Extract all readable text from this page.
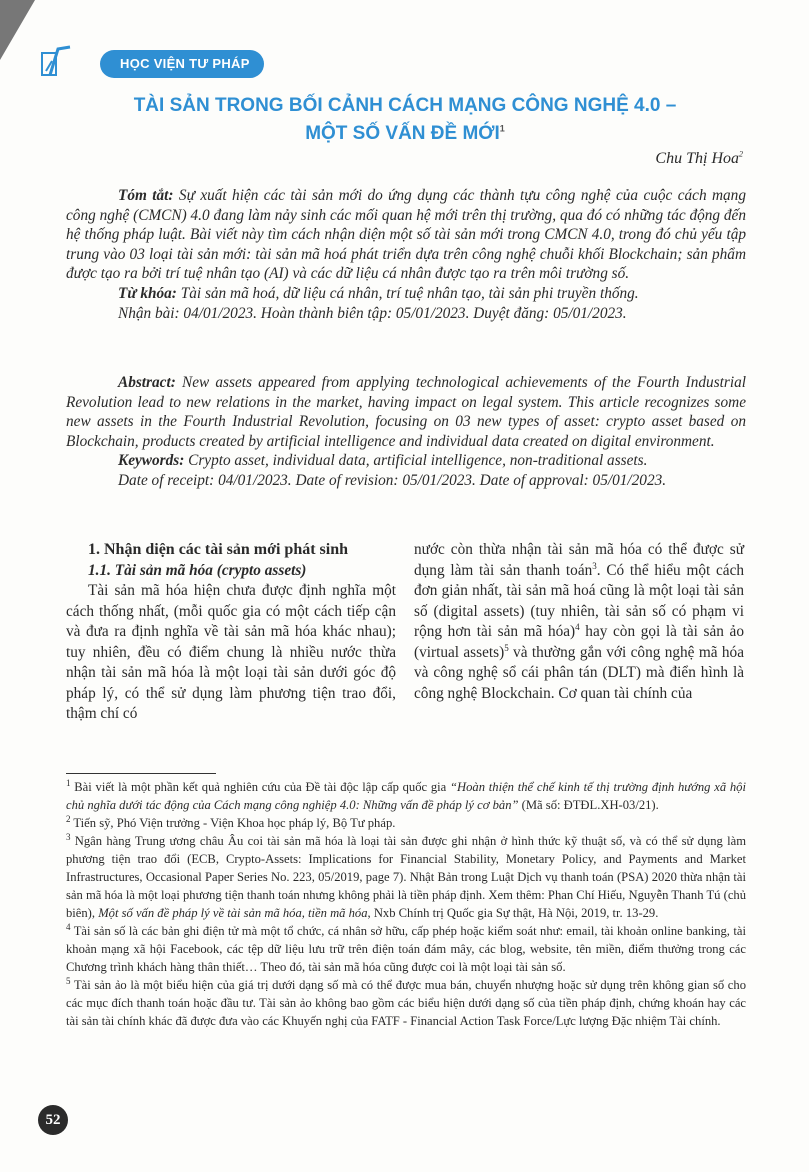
HỌC VIỆN TƯ PHÁP
TÀI SẢN TRONG BỐI CẢNH CÁCH MẠNG CÔNG NGHỆ 4.0 –
MỘT SỐ VẤN ĐỀ MỚI$^1$
Chu Thị Hoa$^2$

Tóm tắt: Sự xuất hiện các tài sản mới do ứng dụng các thành tựu công nghệ của cuộc cách mạng công nghệ (CMCN) 4.0 đang làm nảy sinh các mối quan hệ mới trên thị trường, qua đó có những tác động đến hệ thống pháp luật. Bài viết này tìm cách nhận diện một số tài sản mới trong CMCN 4.0, trong đó chủ yếu tập trung vào 03 loại tài sản mới: tài sản mã hoá phát triển dựa trên công nghệ chuỗi khối Blockchain; sản phẩm được tạo ra bởi trí tuệ nhân tạo (AI) và các dữ liệu cá nhân được tạo ra trên môi trường số.

Từ khóa: Tài sản mã hoá, dữ liệu cá nhân, trí tuệ nhân tạo, tài sản phi truyền thống.

Nhận bài: 04/01/2023. Hoàn thành biên tập: 05/01/2023. Duyệt đăng: 05/01/2023.

Abstract: New assets appeared from applying technological achievements of the Fourth Industrial Revolution lead to new relations in the market, having impact on legal system. This article recognizes some new assets in the Fourth Industrial Revolution, focusing on 03 new types of asset: crypto asset based on Blockchain, products created by artificial intelligence and individual data created on digital environment.

Keywords: Crypto asset, individual data, artificial intelligence, non-traditional assets.

Date of receipt: 04/01/2023. Date of revision: 05/01/2023. Date of approval: 05/01/2023.

1. Nhận diện các tài sản mới phát sinh

1.1. Tài sản mã hóa (crypto assets)

Tài sản mã hóa hiện chưa được định nghĩa một cách thống nhất, (mỗi quốc gia có một cách tiếp cận và đưa ra định nghĩa về tài sản mã hóa khác nhau); tuy nhiên, đều có điểm chung là nhiều nước thừa nhận tài sản mã hóa là một loại tài sản dưới góc độ pháp lý, có thể sử dụng làm phương tiện trao đổi, thậm chí có

nước còn thừa nhận tài sản mã hóa có thể được sử dụng làm tài sản thanh toán$^3$. Có thể hiểu một cách đơn giản nhất, tài sản mã hoá cũng là một loại tài sản số (digital assets) (tuy nhiên, tài sản số có phạm vi rộng hơn tài sản mã hóa)$^4$ hay còn gọi là tài sản ảo (virtual assets)$^5$ và thường gắn với công nghệ mã hóa và công nghệ sổ cái phân tán (DLT) mà điển hình là công nghệ Blockchain. Cơ quan tài chính của

$^1$ Bài viết là một phần kết quả nghiên cứu của Đề tài độc lập cấp quốc gia “Hoàn thiện thể chế kinh tế thị trường định hướng xã hội chủ nghĩa dưới tác động của Cách mạng công nghiệp 4.0: Những vấn đề pháp lý cơ bản” (Mã số: ĐTĐL.XH-03/21).

$^2$ Tiến sỹ, Phó Viện trưởng - Viện Khoa học pháp lý, Bộ Tư pháp.

$^3$ Ngân hàng Trung ương châu Âu coi tài sản mã hóa là loại tài sản được ghi nhận ở hình thức kỹ thuật số, và có thể sử dụng làm phương tiện trao đổi (ECB, Crypto-Assets: Implications for Financial Stability, Monetary Policy, and Payments and Market Infrastructures, Occasional Paper Series No. 223, 05/2019, page 7). Nhật Bản trong Luật Dịch vụ thanh toán (PSA) 2020 thừa nhận tài sản mã hóa là một loại phương tiện thanh toán nhưng không phải là tiền pháp định. Xem thêm: Phan Chí Hiếu, Nguyễn Thanh Tú (chủ biên), Một số vấn đề pháp lý về tài sản mã hóa, tiền mã hóa, Nxb Chính trị Quốc gia Sự thật, Hà Nội, 2019, tr. 13-29.

$^4$ Tài sản số là các bản ghi điện tử mà một tổ chức, cá nhân sở hữu, cấp phép hoặc kiểm soát như: email, tài khoản online banking, tài khoản mạng xã hội Facebook, các tệp dữ liệu lưu trữ trên điện toán đám mây, các blog, website, tên miền, điểm thưởng trong các Chương trình khách hàng thân thiết… Theo đó, tài sản mã hóa cũng được coi là một loại tài sản số.

$^5$ Tài sản ảo là một biểu hiện của giá trị dưới dạng số mà có thể được mua bán, chuyển nhượng hoặc sử dụng trên không gian số cho các mục đích thanh toán hoặc đầu tư. Tài sản ảo không bao gồm các biểu hiện dưới dạng số của tiền pháp định, chứng khoán hay các tài sản tài chính khác đã được đưa vào các Khuyến nghị của FATF - Financial Action Task Force/Lực lượng Đặc nhiệm Tài chính.

52
